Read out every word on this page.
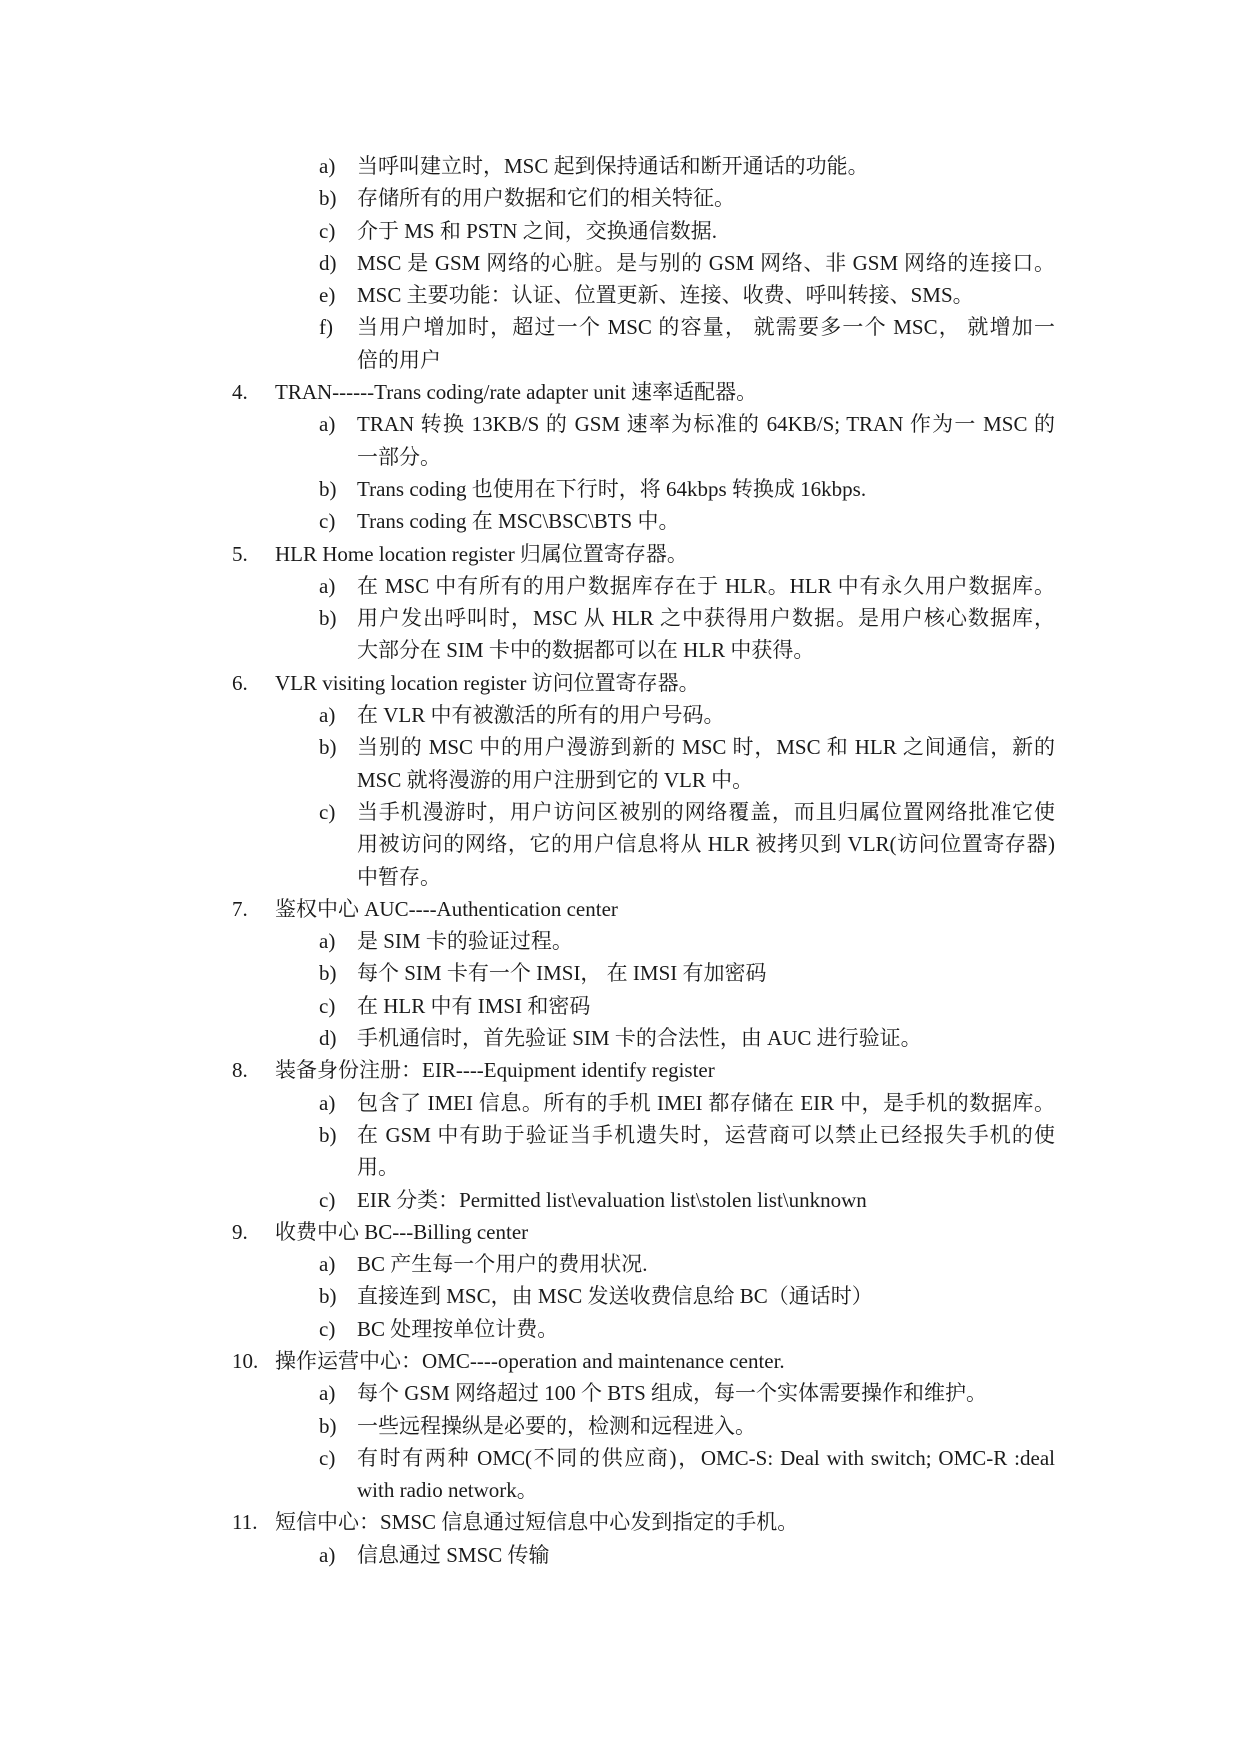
a) 当呼叫建立时，MSC 起到保持通话和断开通话的功能。
b) 存储所有的用户数据和它们的相关特征。
c) 介于 MS 和 PSTN 之间，交换通信数据.
d) MSC 是 GSM 网络的心脏。是与别的 GSM 网络、非 GSM 网络的连接口。
e) MSC 主要功能：认证、位置更新、连接、收费、呼叫转接、SMS。
f) 当用户增加时，超过一个 MSC 的容量， 就需要多一个 MSC， 就增加一
倍的用户
4. TRAN------Trans coding/rate adapter unit 速率适配器。
a) TRAN 转换 13KB/S 的 GSM 速率为标准的 64KB/S; TRAN 作为一 MSC 的
一部分。
b) Trans coding 也使用在下行时，将 64kbps 转换成 16kbps.
c) Trans coding 在 MSC\BSC\BTS 中。
5. HLR Home location register 归属位置寄存器。
a) 在 MSC 中有所有的用户数据库存在于 HLR。HLR 中有永久用户数据库。
b) 用户发出呼叫时，MSC 从 HLR 之中获得用户数据。是用户核心数据库，
大部分在 SIM 卡中的数据都可以在 HLR 中获得。
6. VLR visiting location register 访问位置寄存器。
a) 在 VLR 中有被激活的所有的用户号码。
b) 当别的 MSC 中的用户漫游到新的 MSC 时，MSC 和 HLR 之间通信，新的
MSC 就将漫游的用户注册到它的 VLR 中。
c) 当手机漫游时，用户访问区被别的网络覆盖，而且归属位置网络批准它使
用被访问的网络，它的用户信息将从 HLR 被拷贝到 VLR(访问位置寄存器)
中暂存。
7. 鉴权中心 AUC----Authentication center
a) 是 SIM 卡的验证过程。
b) 每个 SIM 卡有一个 IMSI， 在 IMSI 有加密码
c) 在 HLR 中有 IMSI 和密码
d) 手机通信时，首先验证 SIM 卡的合法性，由 AUC 进行验证。
8. 装备身份注册：EIR----Equipment identify register
a) 包含了 IMEI 信息。所有的手机 IMEI 都存储在 EIR 中，是手机的数据库。
b) 在 GSM 中有助于验证当手机遗失时，运营商可以禁止已经报失手机的使
用。
c) EIR 分类：Permitted list\evaluation list\stolen list\unknown
9. 收费中心 BC---Billing center
a) BC 产生每一个用户的费用状况.
b) 直接连到 MSC，由 MSC 发送收费信息给 BC（通话时）
c) BC 处理按单位计费。
10. 操作运营中心：OMC----operation and maintenance center.
a) 每个 GSM 网络超过 100 个 BTS 组成，每一个实体需要操作和维护。
b) 一些远程操纵是必要的，检测和远程进入。
c) 有时有两种 OMC(不同的供应商)，OMC-S: Deal with switch; OMC-R :deal
with radio network。
11. 短信中心：SMSC 信息通过短信息中心发到指定的手机。
a) 信息通过 SMSC 传输
